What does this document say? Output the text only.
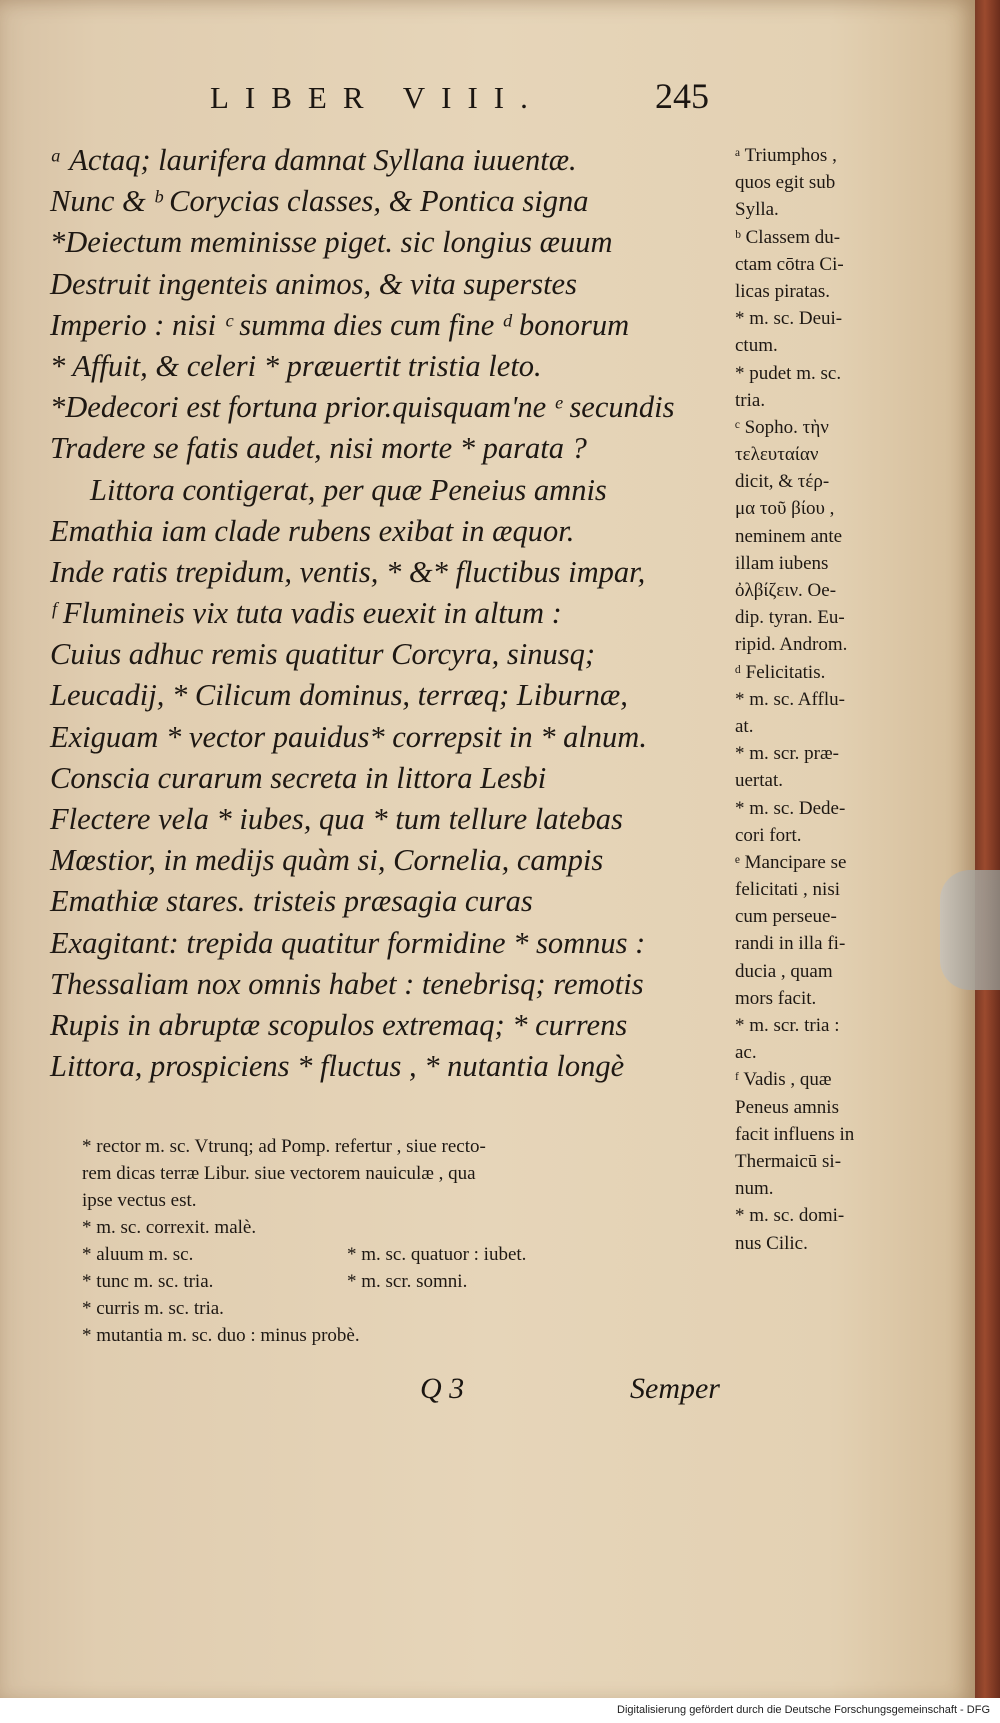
LIBER VIII.	245
ᵃ Actaq; laurifera damnat Syllana iuuentæ.
Nunc & ᵇ Corycias classes, & Pontica signa
*Deiectum meminisse piget. sic longius æuum
Destruit ingenteis animos, & vita superstes
Imperio : nisi ᶜ summa dies cum fine ᵈ bonorum
* Affuit, & celeri * præuertit tristia leto.
*Dedecori est fortuna prior.quisquam'ne ᵉ secundis
Tradere se fatis audet, nisi morte * parata ?
Littora contigerat, per quæ Peneius amnis
Emathia iam clade rubens exibat in æquor.
Inde ratis trepidum, ventis, * &* fluctibus impar,
ᶠ Flumineis vix tuta vadis euexit in altum :
Cuius adhuc remis quatitur Corcyra, sinusq;
Leucadij, * Cilicum dominus, terræq; Liburnæ,
Exiguam * vector pauidus* correpsit in * alnum.
Conscia curarum secreta in littora Lesbi
Flectere vela * iubes, qua * tum tellure latebas
Mœstior, in medijs quàm si, Cornelia, campis
Emathiæ stares. tristeis præsagia curas
Exagitant: trepida quatitur formidine * somnus :
Thessaliam nox omnis habet : tenebrisq; remotis
Rupis in abruptæ scopulos extremaq; * currens
Littora, prospiciens * fluctus , * nutantia longè
* rector m. sc. Vtrunq; ad Pomp. refertur , siue recto-
rem dicas terræ Libur. siue vectorem nauiculæ , qua
ipse vectus est.
* m. sc. correxit. malè.
* aluum m. sc.	* m. sc. quatuor : iubet.
* tunc m. sc. tria.	* m. scr. somni.
* curris m. sc. tria.
* mutantia m. sc. duo : minus probè.
Q 3	Semper
ᵃ Triumphos ,
quos egit sub
Sylla.
ᵇ Classem du-
ctam cōtra Ci-
licas piratas.
* m. sc. Deui-
ctum.
* pudet m. sc.
tria.
ᶜ Sopho. τὴν
τελευταίαν
dicit, & τέρ-
μα τοῦ βίου ,
neminem ante
illam iubens
ὀλβίζειν. Oe-
dip. tyran. Eu-
ripid. Androm.
ᵈ Felicitatis.
* m. sc. Afflu-
at.
* m. scr. præ-
uertat.
* m. sc. Dede-
cori fort.
ᵉ Mancipare se
felicitati , nisi
cum perseue-
randi in illa fi-
ducia , quam
mors facit.
* m. scr. tria :
ac.
ᶠ Vadis , quæ
Peneus amnis
facit influens in
Thermaicū si-
num.
* m. sc. domi-
nus Cilic.
Digitalisierung gefördert durch die Deutsche Forschungsgemeinschaft - DFG
